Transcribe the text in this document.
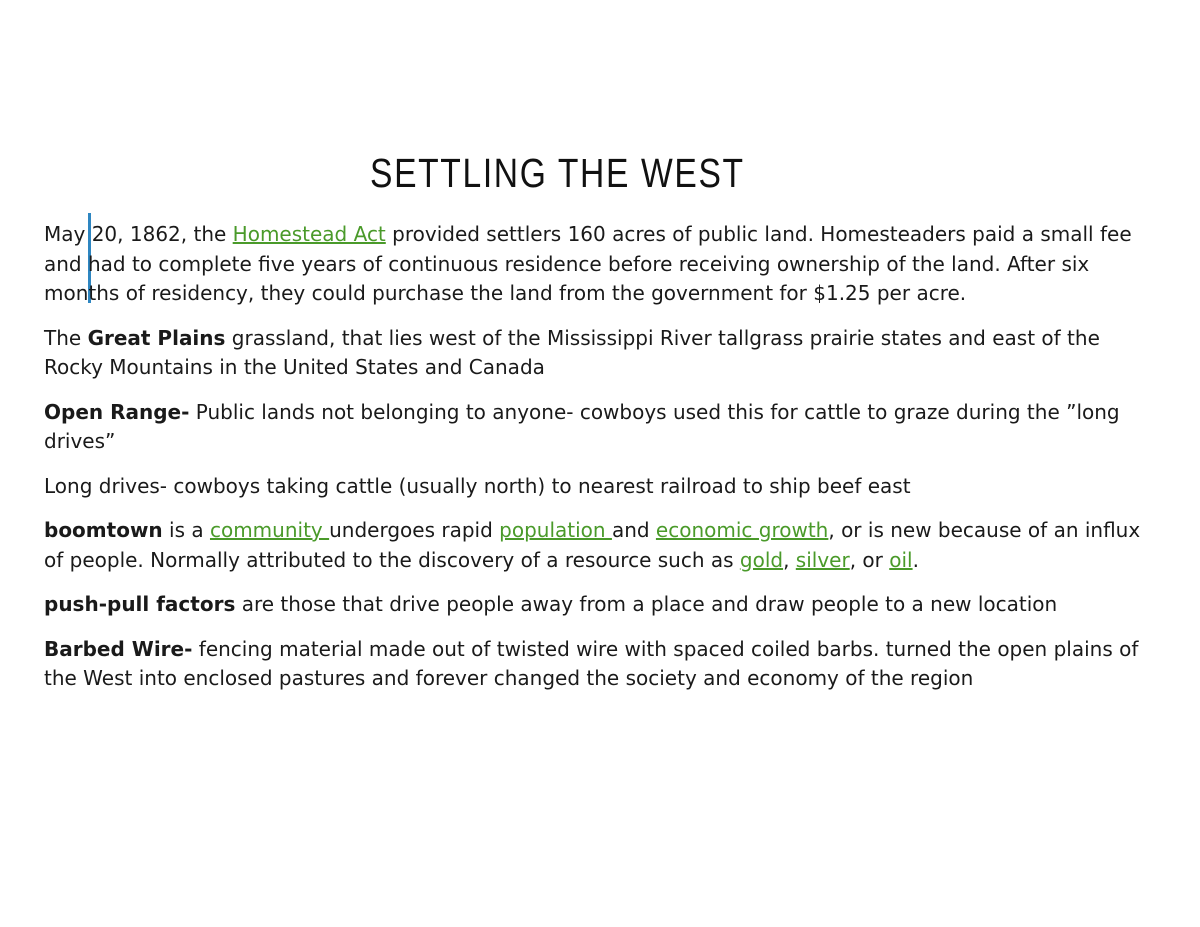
SETTLING THE WEST

May 20, 1862, the Homestead Act provided settlers 160 acres of public land. Homesteaders paid a small fee and had to complete five years of continuous residence before receiving ownership of the land. After six months of residency, they could purchase the land from the government for $1.25 per acre.

The Great Plains grassland, that lies west of the Mississippi River tallgrass prairie states and east of the Rocky Mountains in the United States and Canada

Open Range- Public lands not belonging to anyone- cowboys used this for cattle to graze during the ”long drives”

Long drives- cowboys taking cattle (usually north) to nearest railroad to ship beef east

boomtown is a community undergoes rapid population and economic growth, or is new because of an influx of people. Normally attributed to the discovery of a resource such as gold, silver, or oil.

push-pull factors are those that drive people away from a place and draw people to a new location

Barbed Wire- fencing material made out of twisted wire with spaced coiled barbs. turned the open plains of the West into enclosed pastures and forever changed the society and economy of the region
